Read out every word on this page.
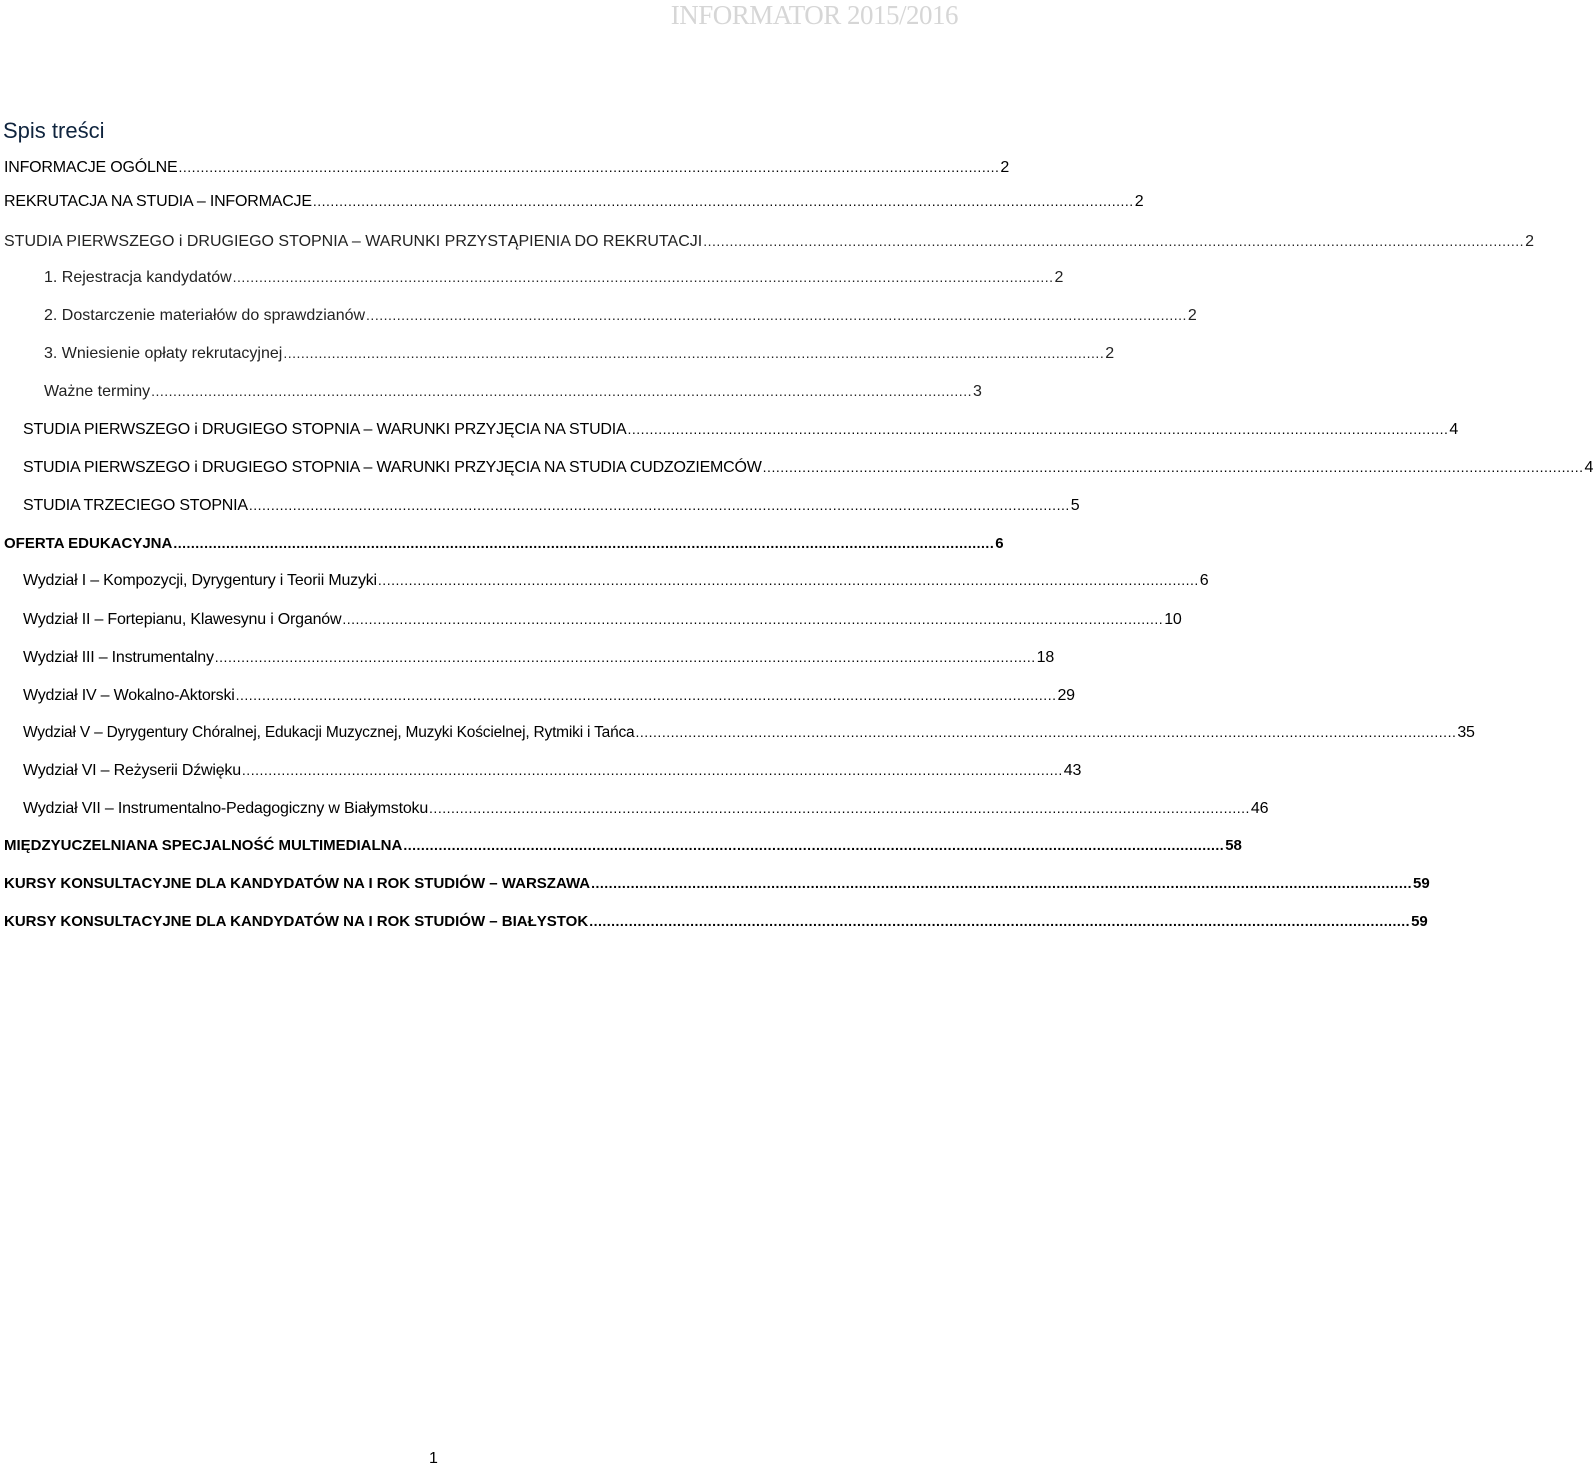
INFORMATOR 2015/2016
Spis treści
INFORMACJE OGÓLNE ........................................................................................................................................................................................... 2
REKRUTACJA NA STUDIA – INFORMACJE ........................................................................................................................................................................................... 2
STUDIA PIERWSZEGO i DRUGIEGO STOPNIA – WARUNKI PRZYSTĄPIENIA DO REKRUTACJI ........................................................................................................................................................................................... 2
1. Rejestracja kandydatów ........................................................................................................................................................................................... 2
2. Dostarczenie materiałów do sprawdzianów ........................................................................................................................................................................................... 2
3. Wniesienie opłaty rekrutacyjnej ........................................................................................................................................................................................... 2
Ważne terminy ........................................................................................................................................................................................... 3
STUDIA PIERWSZEGO i DRUGIEGO STOPNIA – WARUNKI PRZYJĘCIA NA STUDIA ........................................................................................................................................................................................... 4
STUDIA PIERWSZEGO i DRUGIEGO STOPNIA – WARUNKI PRZYJĘCIA NA STUDIA CUDZOZIEMCÓW ........................................................................................................................................................................................... 4
STUDIA TRZECIEGO STOPNIA ........................................................................................................................................................................................... 5
OFERTA EDUKACYJNA ........................................................................................................................................................................................... 6
Wydział I – Kompozycji, Dyrygentury i Teorii Muzyki ........................................................................................................................................................................................... 6
Wydział II – Fortepianu, Klawesynu i Organów ........................................................................................................................................................................................... 10
Wydział III – Instrumentalny ........................................................................................................................................................................................... 18
Wydział IV – Wokalno-Aktorski ........................................................................................................................................................................................... 29
Wydział V – Dyrygentury Chóralnej, Edukacji Muzycznej, Muzyki Kościelnej, Rytmiki i Tańca ........................................................................................................................................................................................... 35
Wydział VI – Reżyserii Dźwięku ........................................................................................................................................................................................... 43
Wydział VII – Instrumentalno-Pedagogiczny w Białymstoku ........................................................................................................................................................................................... 46
MIĘDZYUCZELNIANA SPECJALNOŚĆ MULTIMEDIALNA ........................................................................................................................................................................................... 58
KURSY KONSULTACYJNE DLA KANDYDATÓW NA I ROK STUDIÓW – WARSZAWA ........................................................................................................................................................................................... 59
KURSY KONSULTACYJNE DLA KANDYDATÓW NA I ROK STUDIÓW – BIAŁYSTOK ........................................................................................................................................................................................... 59
1
